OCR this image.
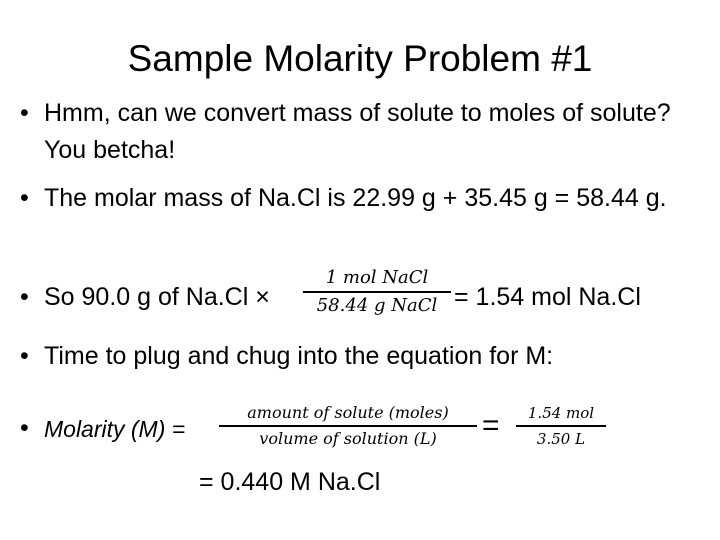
Sample Molarity Problem #1
• Hmm, can we convert mass of solute to moles of solute? You betcha!
• The molar mass of Na.Cl is 22.99 g + 35.45 g = 58.44 g.
• So 90.0 g of Na.Cl ×
1 mol NaCl
58.44 g NaCl = 1.54 mol Na.Cl
• Time to plug and chug into the equation for M:
• Molarity (M) =
amount of solute (moles)
volume of solution (L)	=	1.54 mol
3.50 L
= 0.440 M Na.Cl
